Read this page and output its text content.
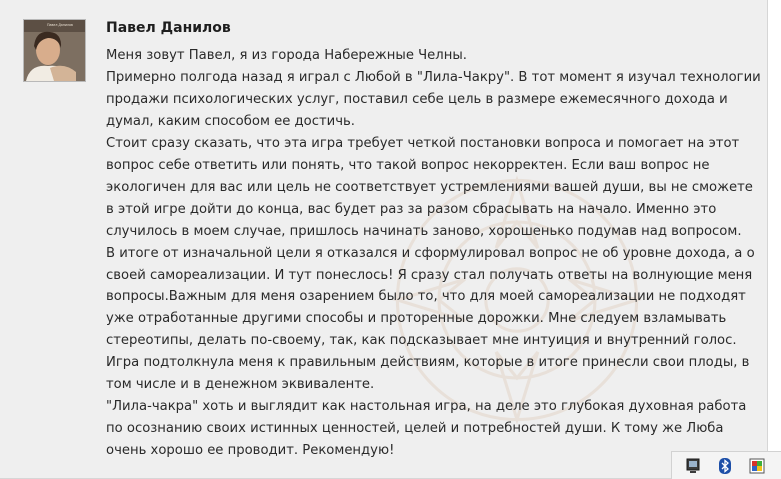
Павел Данилов Павел Данилов

Меня зовут Павел, я из города Набережные Челны.

Примерно полгода назад я играл с Любой в "Лила-Чакру". В тот момент я изучал технологии

продажи психологических услуг, поставил себе цель в размере ежемесячного дохода и

думал, каким способом ее достичь.

Стоит сразу сказать, что эта игра требует четкой постановки вопроса и помогает на этот

вопрос себе ответить или понять, что такой вопрос некорректен. Если ваш вопрос не

экологичен для вас или цель не соответствует устремлениями вашей души, вы не сможете

в этой игре дойти до конца, вас будет раз за разом сбрасывать на начало. Именно это

случилось в моем случае, пришлось начинать заново, хорошенько подумав над вопросом.

В итоге от изначальной цели я отказался и сформулировал вопрос не об уровне дохода, а о

своей самореализации. И тут понеслось! Я сразу стал получать ответы на волнующие меня

вопросы.Важным для меня озарением было то, что для моей самореализации не подходят

уже отработанные другими способы и проторенные дорожки. Мне следуем взламывать

стереотипы, делать по-своему, так, как подсказывает мне интуиция и внутренний голос.

Игра подтолкнула меня к правильным действиям, которые в итоге принесли свои плоды, в

том числе и в денежном эквиваленте.

"Лила-чакра" хоть и выглядит как настольная игра, на деле это глубокая духовная работа

по осознанию своих истинных ценностей, целей и потребностей души. К тому же Люба

очень хорошо ее проводит. Рекомендую!
